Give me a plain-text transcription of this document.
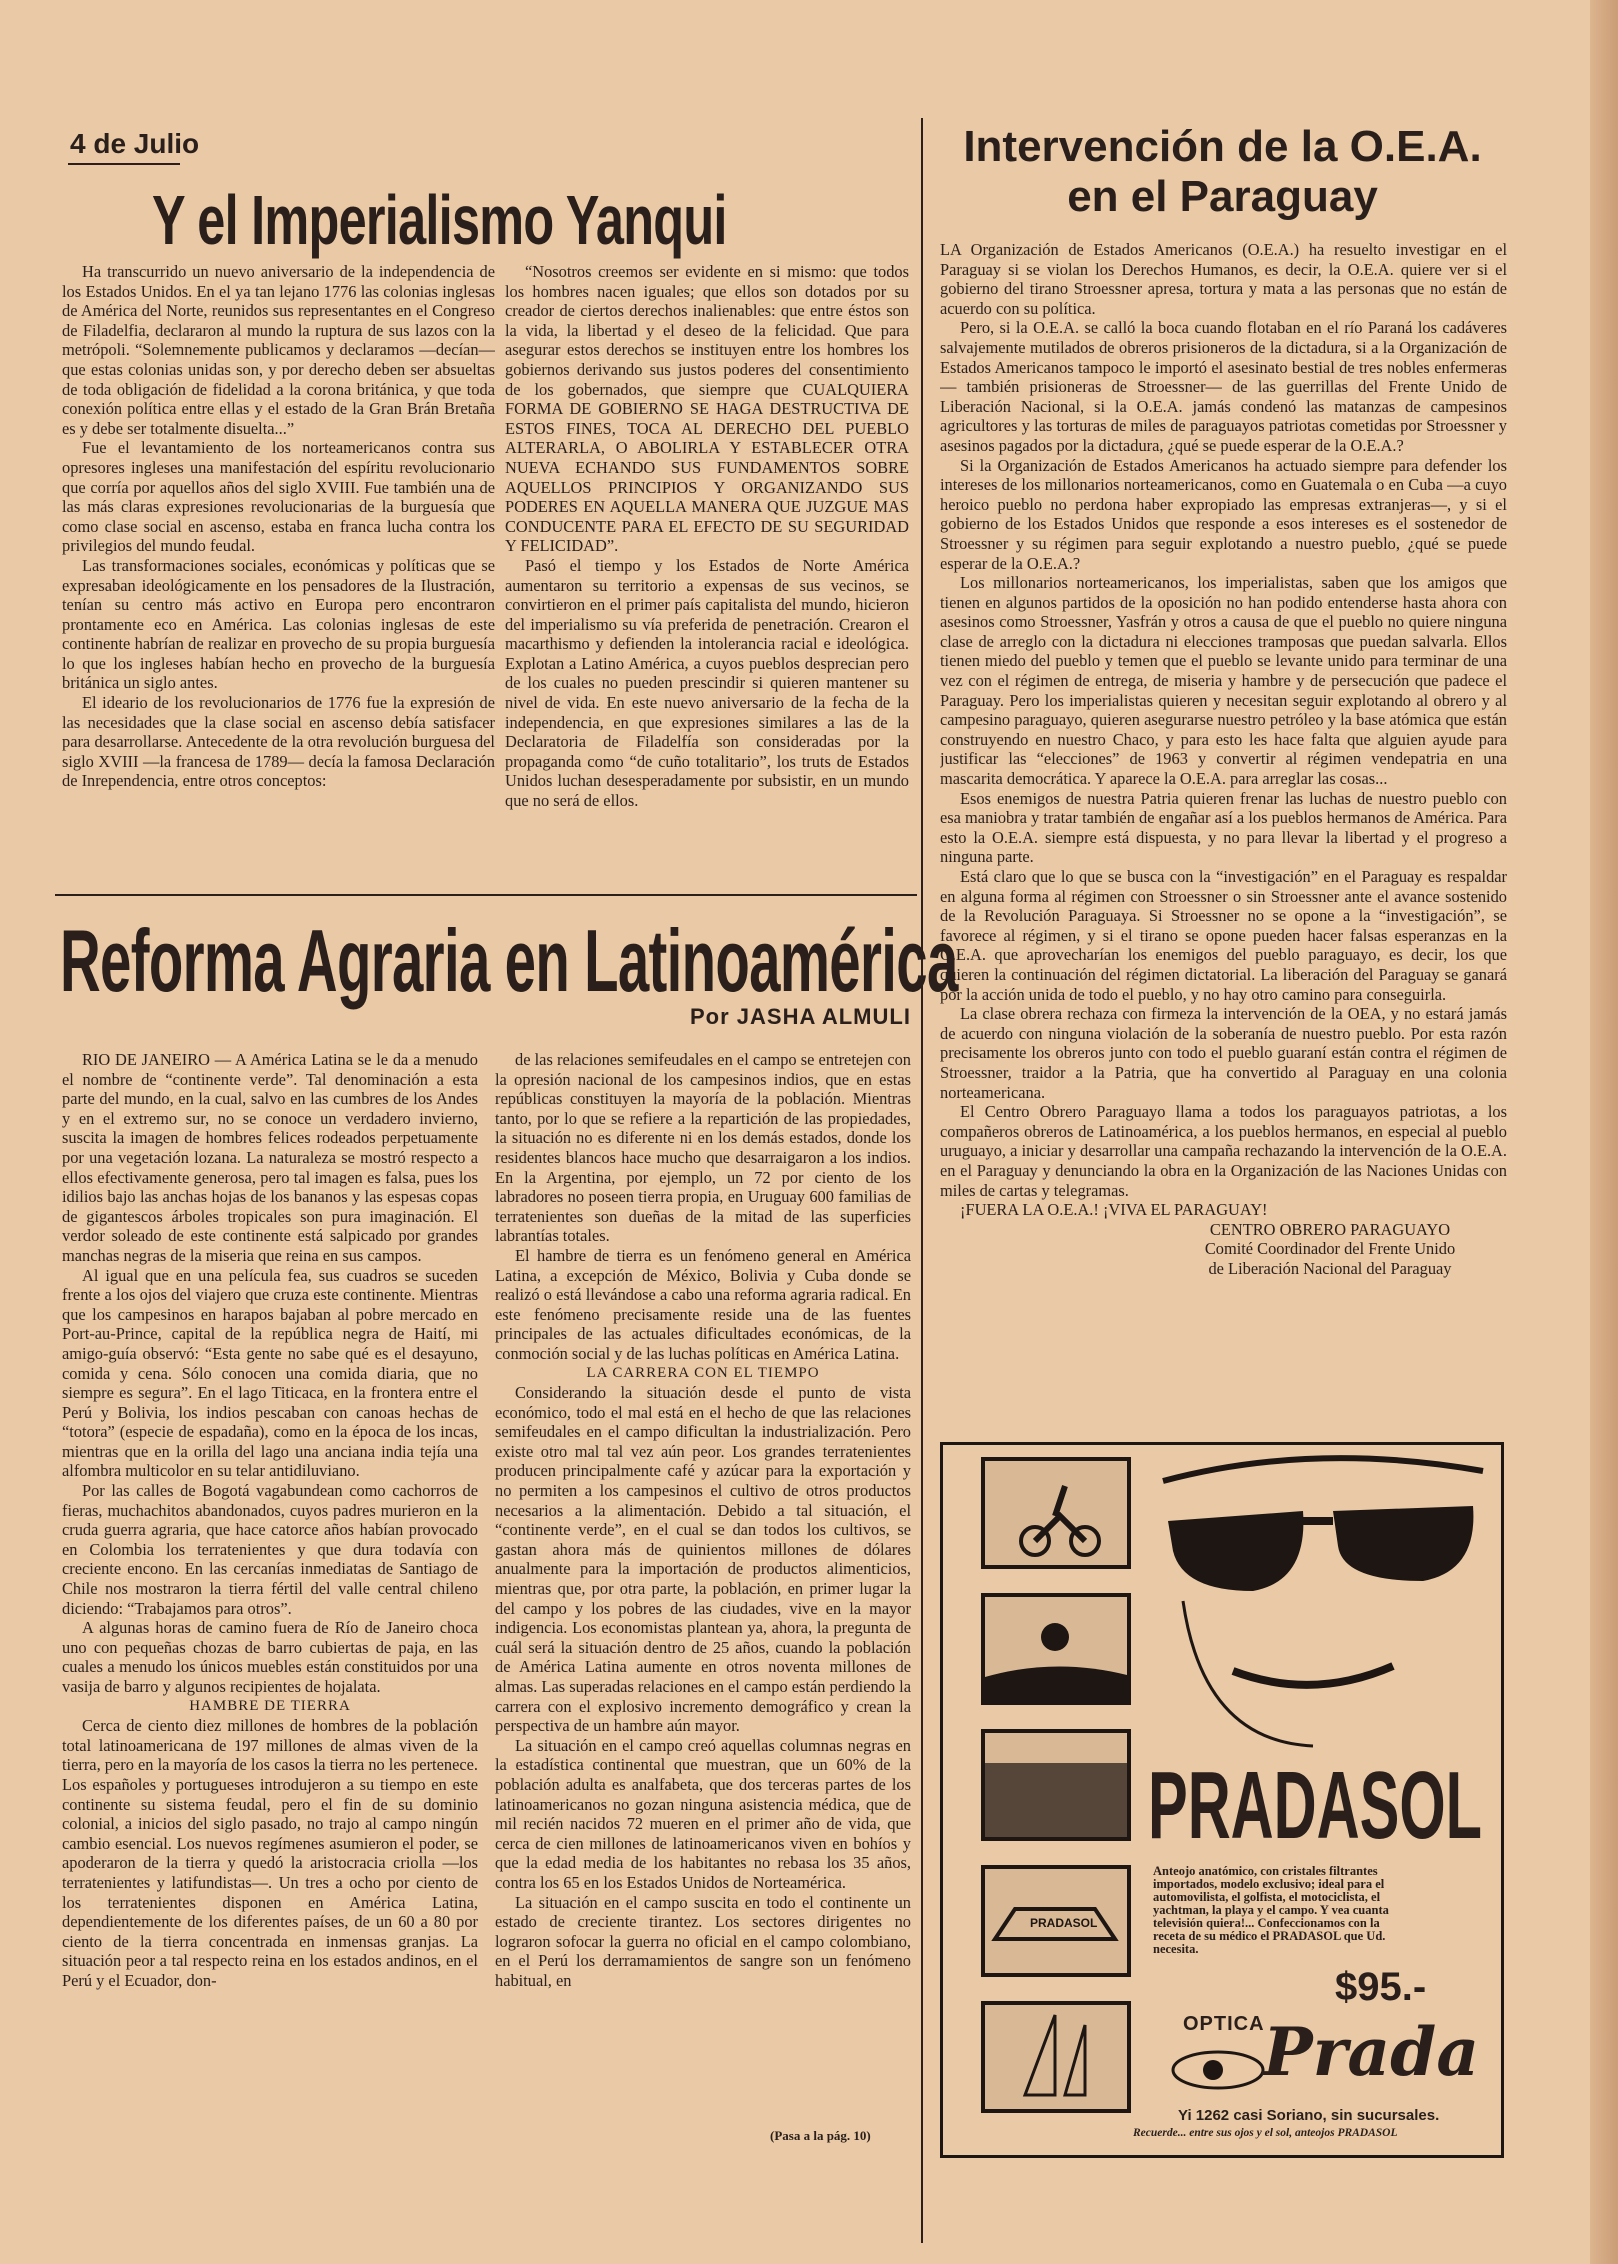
4 de Julio
Y el Imperialismo Yanqui

Ha transcurrido un nuevo aniversario de la independencia de los Estados Unidos. En el ya tan lejano 1776 las colonias inglesas de América del Norte, reunidos sus representantes en el Congreso de Filadelfia, declararon al mundo la ruptura de sus lazos con la metrópoli. “Solemnemente publicamos y declaramos —decían— que estas colonias unidas son, y por derecho deben ser absueltas de toda obligación de fidelidad a la corona británica, y que toda conexión política entre ellas y el estado de la Gran Brán Bretaña es y debe ser totalmente disuelta...”

Fue el levantamiento de los norteamericanos contra sus opresores ingleses una manifestación del espíritu revolucionario que corría por aquellos años del siglo XVIII. Fue también una de las más claras expresiones revolucionarias de la burguesía que como clase social en ascenso, estaba en franca lucha contra los privilegios del mundo feudal.

Las transformaciones sociales, económicas y políticas que se expresaban ideológicamente en los pensadores de la Ilustración, tenían su centro más activo en Europa pero encontraron prontamente eco en América. Las colonias inglesas de este continente habrían de realizar en provecho de su propia burguesía lo que los ingleses habían hecho en provecho de la burguesía británica un siglo antes.

El ideario de los revolucionarios de 1776 fue la expresión de las necesidades que la clase social en ascenso debía satisfacer para desarrollarse. Antecedente de la otra revolución burguesa del siglo XVIII —la francesa de 1789— decía la famosa Declaración de Inrependencia, entre otros conceptos:

“Nosotros creemos ser evidente en si mismo: que todos los hombres nacen iguales; que ellos son dotados por su creador de ciertos derechos inalienables: que entre éstos son la vida, la libertad y el deseo de la felicidad. Que para asegurar estos derechos se instituyen entre los hombres los gobiernos derivando sus justos poderes del consentimiento de los gobernados, que siempre que CUALQUIERA FORMA DE GOBIERNO SE HAGA DESTRUCTIVA DE ESTOS FINES, TOCA AL DERECHO DEL PUEBLO ALTERARLA, O ABOLIRLA Y ESTABLECER OTRA NUEVA ECHANDO SUS FUNDAMENTOS SOBRE AQUELLOS PRINCIPIOS Y ORGANIZANDO SUS PODERES EN AQUELLA MANERA QUE JUZGUE MAS CONDUCENTE PARA EL EFECTO DE SU SEGURIDAD Y FELICIDAD”.

Pasó el tiempo y los Estados de Norte América aumentaron su territorio a expensas de sus vecinos, se convirtieron en el primer país capitalista del mundo, hicieron del imperialismo su vía preferida de penetración. Crearon el macarthismo y defienden la intolerancia racial e ideológica. Explotan a Latino América, a cuyos pueblos desprecian pero de los cuales no pueden prescindir si quieren mantener su nivel de vida. En este nuevo aniversario de la fecha de la independencia, en que expresiones similares a las de la Declaratoria de Filadelfía son consideradas por la propaganda como “de cuño totalitario”, los truts de Estados Unidos luchan desesperadamente por subsistir, en un mundo que no será de ellos.

Reforma Agraria en Latinoamérica
Por JASHA ALMULI

RIO DE JANEIRO — A América Latina se le da a menudo el nombre de “continente verde”. Tal denominación a esta parte del mundo, en la cual, salvo en las cumbres de los Andes y en el extremo sur, no se conoce un verdadero invierno, suscita la imagen de hombres felices rodeados perpetuamente por una vegetación lozana. La naturaleza se mostró respecto a ellos efectivamente generosa, pero tal imagen es falsa, pues los idilios bajo las anchas hojas de los bananos y las espesas copas de gigantescos árboles tropicales son pura imaginación. El verdor soleado de este continente está salpicado por grandes manchas negras de la miseria que reina en sus campos.

Al igual que en una película fea, sus cuadros se suceden frente a los ojos del viajero que cruza este continente. Mientras que los campesinos en harapos bajaban al pobre mercado en Port-au-Prince, capital de la república negra de Haití, mi amigo-guía observó: “Esta gente no sabe qué es el desayuno, comida y cena. Sólo conocen una comida diaria, que no siempre es segura”. En el lago Titicaca, en la frontera entre el Perú y Bolivia, los indios pescaban con canoas hechas de “totora” (especie de espadaña), como en la época de los incas, mientras que en la orilla del lago una anciana india tejía una alfombra multicolor en su telar antidiluviano.

Por las calles de Bogotá vagabundean como cachorros de fieras, muchachitos abandonados, cuyos padres murieron en la cruda guerra agraria, que hace catorce años habían provocado en Colombia los terratenientes y que dura todavía con creciente encono. En las cercanías inmediatas de Santiago de Chile nos mostraron la tierra fértil del valle central chileno diciendo: “Trabajamos para otros”.

A algunas horas de camino fuera de Río de Janeiro choca uno con pequeñas chozas de barro cubiertas de paja, en las cuales a menudo los únicos muebles están constituidos por una vasija de barro y algunos recipientes de hojalata.

HAMBRE DE TIERRA

Cerca de ciento diez millones de hombres de la población total latinoamericana de 197 millones de almas viven de la tierra, pero en la mayoría de los casos la tierra no les pertenece. Los españoles y portugueses introdujeron a su tiempo en este continente su sistema feudal, pero el fin de su dominio colonial, a inicios del siglo pasado, no trajo al campo ningún cambio esencial. Los nuevos regímenes asumieron el poder, se apoderaron de la tierra y quedó la aristocracia criolla —los terratenientes y latifundistas—. Un tres a ocho por ciento de los terratenientes disponen en América Latina, dependientemente de los diferentes países, de un 60 a 80 por ciento de la tierra concentrada en inmensas granjas. La situación peor a tal respecto reina en los estados andinos, en el Perú y el Ecuador, don-

de las relaciones semifeudales en el campo se entretejen con la opresión nacional de los campesinos indios, que en estas repúblicas constituyen la mayoría de la población. Mientras tanto, por lo que se refiere a la repartición de las propiedades, la situación no es diferente ni en los demás estados, donde los residentes blancos hace mucho que desarraigaron a los indios. En la Argentina, por ejemplo, un 72 por ciento de los labradores no poseen tierra propia, en Uruguay 600 familias de terratenientes son dueñas de la mitad de las superficies labrantías totales.

El hambre de tierra es un fenómeno general en América Latina, a excepción de México, Bolivia y Cuba donde se realizó o está llevándose a cabo una reforma agraria radical. En este fenómeno precisamente reside una de las fuentes principales de las actuales dificultades económicas, de la conmoción social y de las luchas políticas en América Latina.

LA CARRERA CON EL TIEMPO

Considerando la situación desde el punto de vista económico, todo el mal está en el hecho de que las relaciones semifeudales en el campo dificultan la industrialización. Pero existe otro mal tal vez aún peor. Los grandes terratenientes producen principalmente café y azúcar para la exportación y no permiten a los campesinos el cultivo de otros productos necesarios a la alimentación. Debido a tal situación, el “continente verde”, en el cual se dan todos los cultivos, se gastan ahora más de quinientos millones de dólares anualmente para la importación de productos alimenticios, mientras que, por otra parte, la población, en primer lugar la del campo y los pobres de las ciudades, vive en la mayor indigencia. Los economistas plantean ya, ahora, la pregunta de cuál será la situación dentro de 25 años, cuando la población de América Latina aumente en otros noventa millones de almas. Las superadas relaciones en el campo están perdiendo la carrera con el explosivo incremento demográfico y crean la perspectiva de un hambre aún mayor.

La situación en el campo creó aquellas columnas negras en la estadística continental que muestran, que un 60% de la población adulta es analfabeta, que dos terceras partes de los latinoamericanos no gozan ninguna asistencia médica, que de mil recién nacidos 72 mueren en el primer año de vida, que cerca de cien millones de latinoamericanos viven en bohíos y que la edad media de los habitantes no rebasa los 35 años, contra los 65 en los Estados Unidos de Norteamérica.

La situación en el campo suscita en todo el continente un estado de creciente tirantez. Los sectores dirigentes no lograron sofocar la guerra no oficial en el campo colombiano, en el Perú los derramamientos de sangre son un fenómeno habitual, en

(Pasa a la pág. 10)
Intervención de la O.E.A.
en el Paraguay

LA Organización de Estados Americanos (O.E.A.) ha resuelto investigar en el Paraguay si se violan los Derechos Humanos, es decir, la O.E.A. quiere ver si el gobierno del tirano Stroessner apresa, tortura y mata a las personas que no están de acuerdo con su política.

Pero, si la O.E.A. se calló la boca cuando flotaban en el río Paraná los cadáveres salvajemente mutilados de obreros prisioneros de la dictadura, si a la Organización de Estados Americanos tampoco le importó el asesinato bestial de tres nobles enfermeras — también prisioneras de Stroessner— de las guerrillas del Frente Unido de Liberación Nacional, si la O.E.A. jamás condenó las matanzas de campesinos agricultores y las torturas de miles de paraguayos patriotas cometidas por Stroessner y asesinos pagados por la dictadura, ¿qué se puede esperar de la O.E.A.?

Si la Organización de Estados Americanos ha actuado siempre para defender los intereses de los millonarios norteamericanos, como en Guatemala o en Cuba —a cuyo heroico pueblo no perdona haber expropiado las empresas extranjeras—, y si el gobierno de los Estados Unidos que responde a esos intereses es el sostenedor de Stroessner y su régimen para seguir explotando a nuestro pueblo, ¿qué se puede esperar de la O.E.A.?

Los millonarios norteamericanos, los imperialistas, saben que los amigos que tienen en algunos partidos de la oposición no han podido entenderse hasta ahora con asesinos como Stroessner, Yasfrán y otros a causa de que el pueblo no quiere ninguna clase de arreglo con la dictadura ni elecciones tramposas que puedan salvarla. Ellos tienen miedo del pueblo y temen que el pueblo se levante unido para terminar de una vez con el régimen de entrega, de miseria y hambre y de persecución que padece el Paraguay. Pero los imperialistas quieren y necesitan seguir explotando al obrero y al campesino paraguayo, quieren asegurarse nuestro petróleo y la base atómica que están construyendo en nuestro Chaco, y para esto les hace falta que alguien ayude para justificar las “elecciones” de 1963 y convertir al régimen vendepatria en una mascarita democrática. Y aparece la O.E.A. para arreglar las cosas...

Esos enemigos de nuestra Patria quieren frenar las luchas de nuestro pueblo con esa maniobra y tratar también de engañar así a los pueblos hermanos de América. Para esto la O.E.A. siempre está dispuesta, y no para llevar la libertad y el progreso a ninguna parte.

Está claro que lo que se busca con la “investigación” en el Paraguay es respaldar en alguna forma al régimen con Stroessner o sin Stroessner ante el avance sostenido de la Revolución Paraguaya. Si Stroessner no se opone a la “investigación”, se favorece al régimen, y si el tirano se opone pueden hacer falsas esperanzas en la O.E.A. que aprovecharían los enemigos del pueblo paraguayo, es decir, los que quieren la continuación del régimen dictatorial. La liberación del Paraguay se ganará por la acción unida de todo el pueblo, y no hay otro camino para conseguirla.

La clase obrera rechaza con firmeza la intervención de la OEA, y no estará jamás de acuerdo con ninguna violación de la soberanía de nuestro pueblo. Por esta razón precisamente los obreros junto con todo el pueblo guaraní están contra el régimen de Stroessner, traidor a la Patria, que ha convertido al Paraguay en una colonia norteamericana.

El Centro Obrero Paraguayo llama a todos los paraguayos patriotas, a los compañeros obreros de Latinoamérica, a los pueblos hermanos, en especial al pueblo uruguayo, a iniciar y desarrollar una campaña rechazando la intervención de la O.E.A. en el Paraguay y denunciando la obra en la Organización de las Naciones Unidas con miles de cartas y telegramas.

¡FUERA LA O.E.A.! ¡VIVA EL PARAGUAY!

CENTRO OBRERO PARAGUAYO
Comité Coordinador del Frente Unido
de Liberación Nacional del Paraguay
PRADASOL
PRADASOL
Anteojo anatómico, con cristales filtrantes importados, modelo exclusivo; ideal para el automovilista, el golfista, el motociclista, el yachtman, la playa y el campo. Y vea cuanta televisión quiera!... Confeccionamos con la receta de su médico el PRADASOL que Ud. necesita.
$95.-
OPTICA
Prada
Yi 1262 casi Soriano, sin sucursales.
Recuerde... entre sus ojos y el sol, anteojos PRADASOL
